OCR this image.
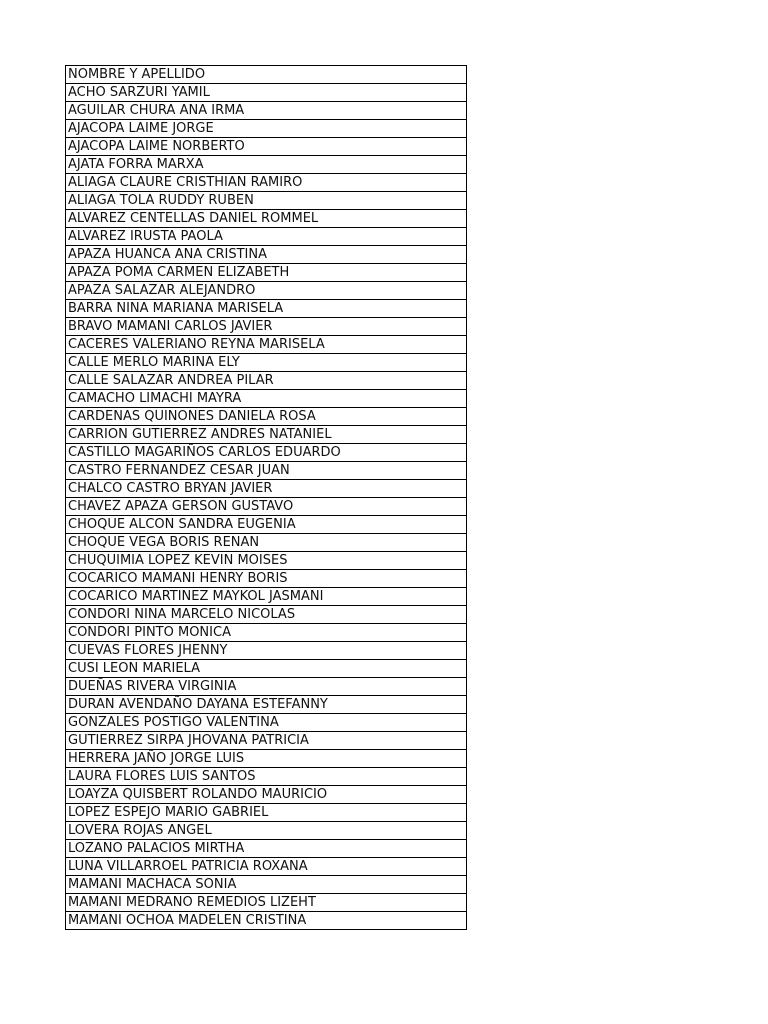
NOMBRE Y APELLIDO
ACHO SARZURI YAMIL
AGUILAR CHURA ANA IRMA
AJACOPA LAIME JORGE
AJACOPA LAIME NORBERTO
AJATA FORRA MARXA
ALIAGA CLAURE CRISTHIAN RAMIRO
ALIAGA TOLA RUDDY RUBEN
ALVAREZ CENTELLAS DANIEL ROMMEL
ALVAREZ IRUSTA PAOLA
APAZA HUANCA ANA CRISTINA
APAZA POMA CARMEN ELIZABETH
APAZA SALAZAR ALEJANDRO
BARRA NINA MARIANA MARISELA
BRAVO MAMANI CARLOS JAVIER
CACERES VALERIANO REYNA MARISELA
CALLE MERLO MARINA ELY
CALLE SALAZAR ANDREA PILAR
CAMACHO LIMACHI MAYRA
CARDENAS QUINONES DANIELA ROSA
CARRION GUTIERREZ ANDRES NATANIEL
CASTILLO MAGARIÑOS CARLOS EDUARDO
CASTRO FERNANDEZ CESAR JUAN
CHALCO CASTRO BRYAN JAVIER
CHAVEZ APAZA GERSON GUSTAVO
CHOQUE ALCON SANDRA EUGENIA
CHOQUE VEGA BORIS RENAN
CHUQUIMIA LOPEZ KEVIN MOISES
COCARICO MAMANI HENRY BORIS
COCARICO MARTINEZ MAYKOL JASMANI
CONDORI NINA MARCELO NICOLAS
CONDORI PINTO MONICA
CUEVAS FLORES JHENNY
CUSI LEON MARIELA
DUEÑAS RIVERA VIRGINIA
DURAN AVENDAÑO DAYANA ESTEFANNY
GONZALES POSTIGO VALENTINA
GUTIERREZ SIRPA JHOVANA PATRICIA
HERRERA JAÑO JORGE LUIS
LAURA FLORES LUIS SANTOS
LOAYZA QUISBERT ROLANDO MAURICIO
LOPEZ ESPEJO MARIO GABRIEL
LOVERA ROJAS ANGEL
LOZANO PALACIOS MIRTHA
LUNA VILLARROEL PATRICIA ROXANA
MAMANI MACHACA SONIA
MAMANI MEDRANO REMEDIOS LIZEHT
MAMANI OCHOA MADELEN CRISTINA
